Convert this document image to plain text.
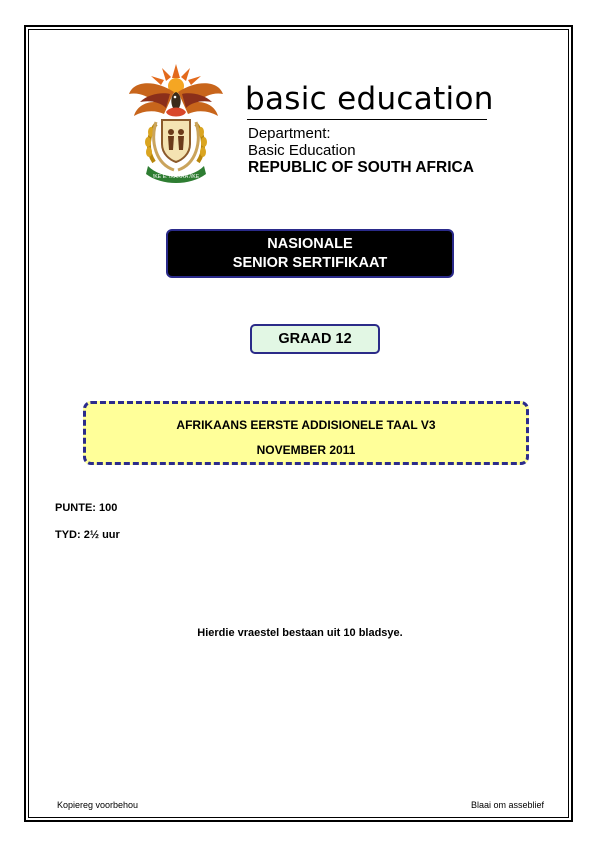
!KE E: /XARRA //KE
basic education
Department:
Basic Education
REPUBLIC OF SOUTH AFRICA
NASIONALE
SENIOR SERTIFIKAAT
GRAAD 12
AFRIKAANS EERSTE ADDISIONELE TAAL V3
NOVEMBER 2011
PUNTE: 100
TYD: 2½ uur
Hierdie vraestel bestaan uit 10 bladsye.
Kopiereg voorbehou	Blaai om asseblief
